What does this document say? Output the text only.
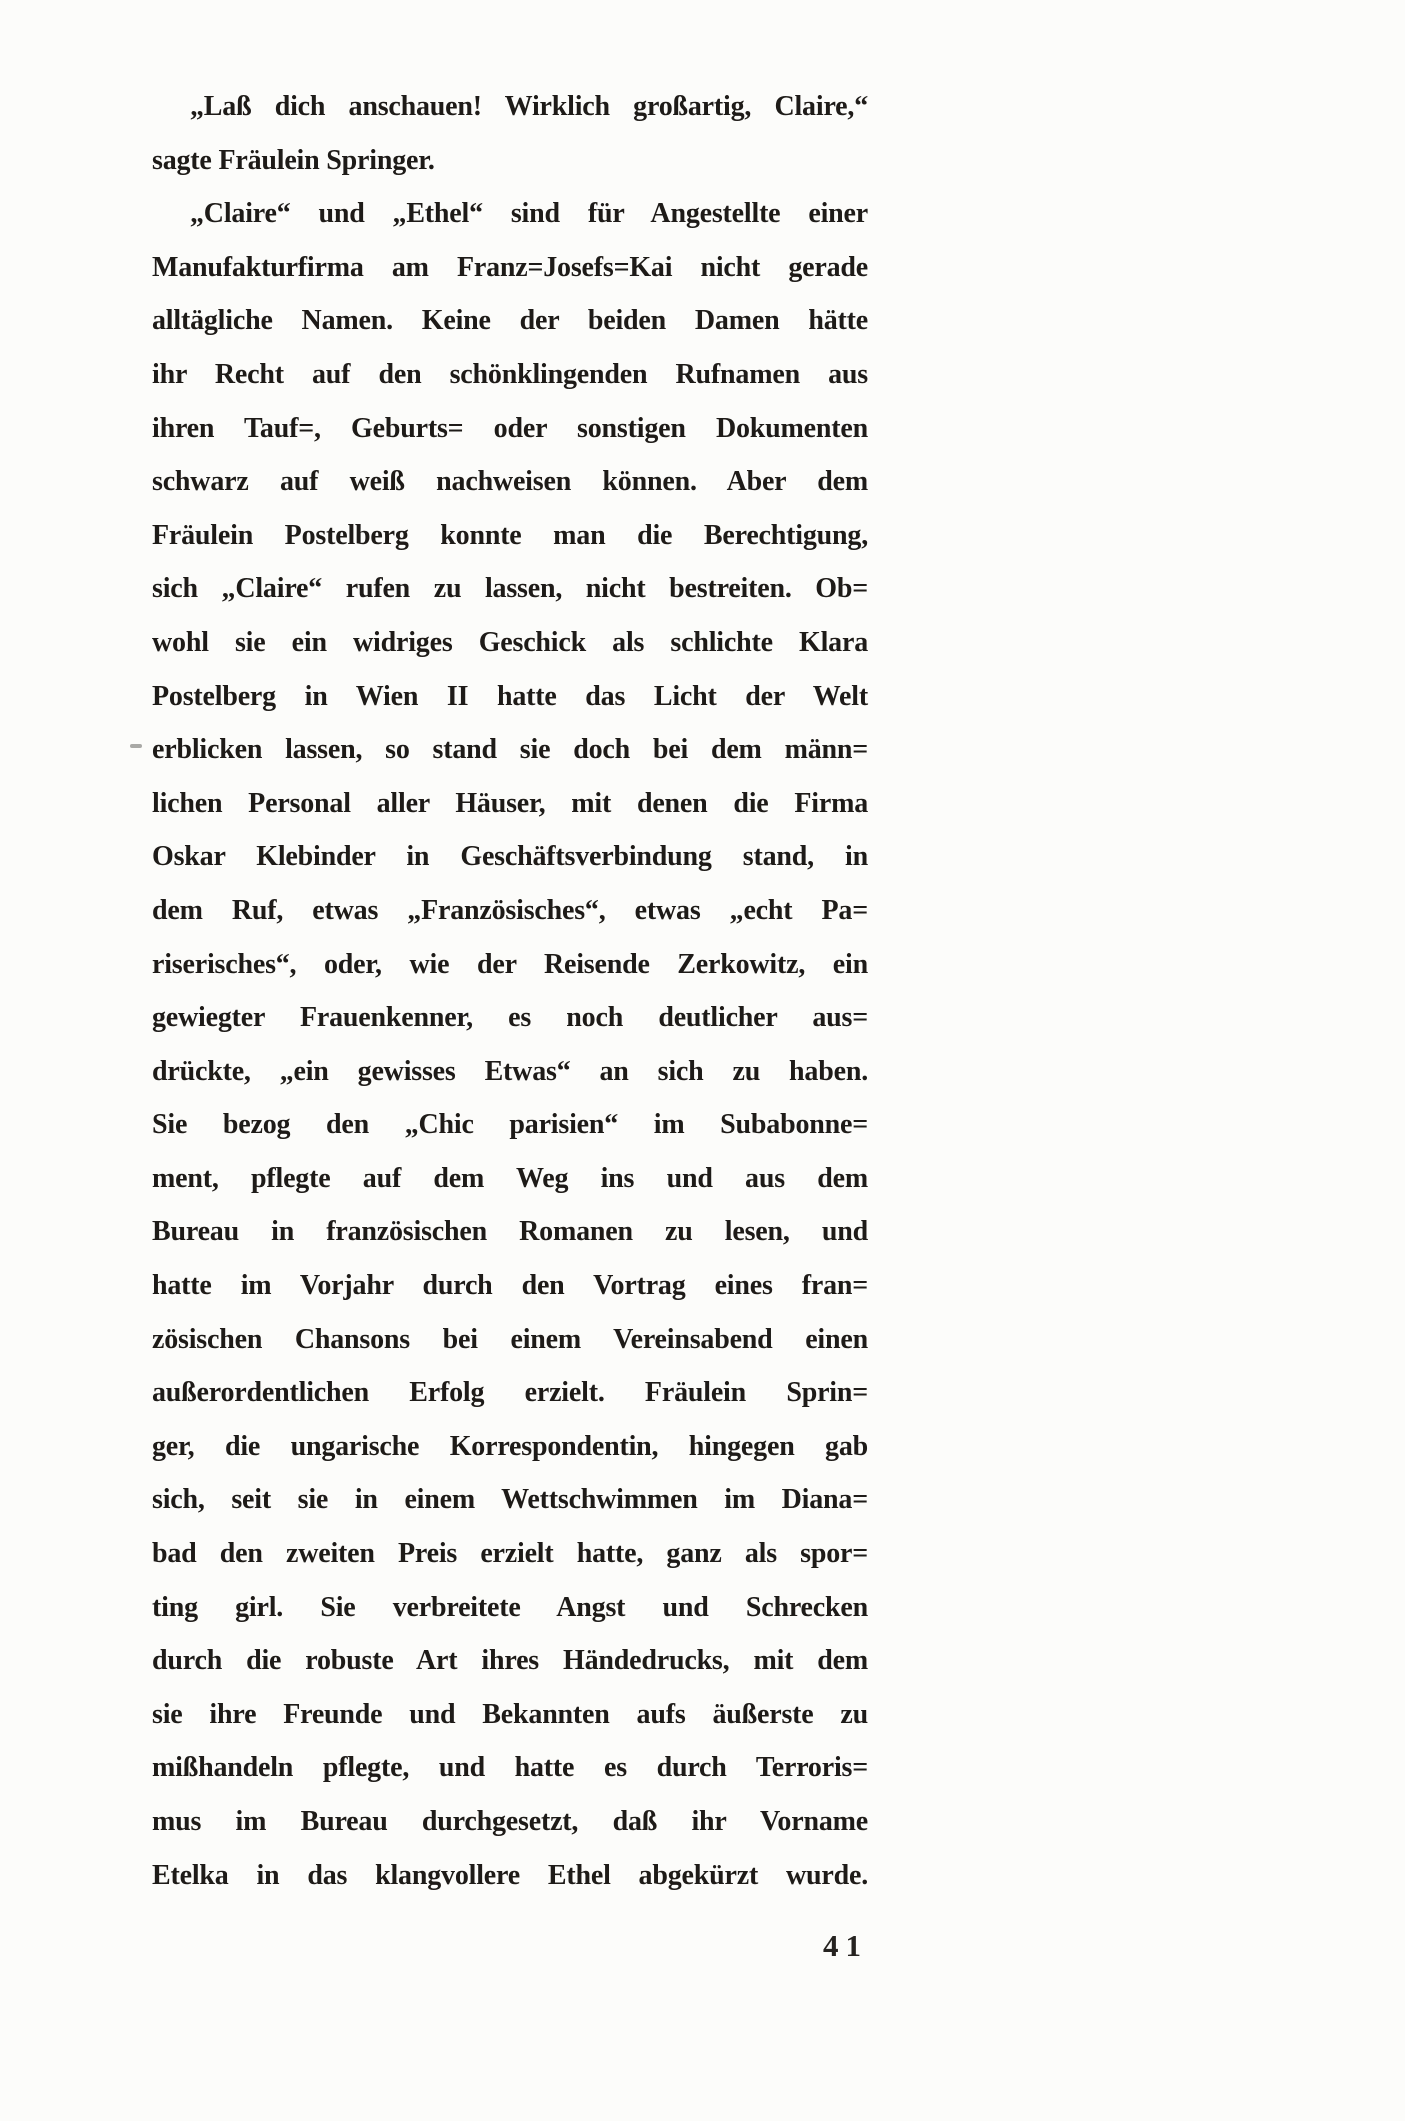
„Laß dich anschauen! Wirklich großartig, Claire,“
sagte Fräulein Springer.

„Claire“ und „Ethel“ sind für Angestellte einer
Manufakturfirma am Franz=Josefs=Kai nicht gerade
alltägliche Namen. Keine der beiden Damen hätte
ihr Recht auf den schönklingenden Rufnamen aus
ihren Tauf=, Geburts= oder sonstigen Dokumenten
schwarz auf weiß nachweisen können. Aber dem
Fräulein Postelberg konnte man die Berechtigung,
sich „Claire“ rufen zu lassen, nicht bestreiten. Ob=
wohl sie ein widriges Geschick als schlichte Klara
Postelberg in Wien II hatte das Licht der Welt
erblicken lassen, so stand sie doch bei dem männ=
lichen Personal aller Häuser, mit denen die Firma
Oskar Klebinder in Geschäftsverbindung stand, in
dem Ruf, etwas „Französisches“, etwas „echt Pa=
riserisches“, oder, wie der Reisende Zerkowitz, ein
gewiegter Frauenkenner, es noch deutlicher aus=
drückte, „ein gewisses Etwas“ an sich zu haben.
Sie bezog den „Chic parisien“ im Subabonne=
ment, pflegte auf dem Weg ins und aus dem
Bureau in französischen Romanen zu lesen, und
hatte im Vorjahr durch den Vortrag eines fran=
zösischen Chansons bei einem Vereinsabend einen
außerordentlichen Erfolg erzielt. Fräulein Sprin=
ger, die ungarische Korrespondentin, hingegen gab
sich, seit sie in einem Wettschwimmen im Diana=
bad den zweiten Preis erzielt hatte, ganz als spor=
ting girl. Sie verbreitete Angst und Schrecken
durch die robuste Art ihres Händedrucks, mit dem
sie ihre Freunde und Bekannten aufs äußerste zu
mißhandeln pflegte, und hatte es durch Terroris=
mus im Bureau durchgesetzt, daß ihr Vorname
Etelka in das klangvollere Ethel abgekürzt wurde.

41
